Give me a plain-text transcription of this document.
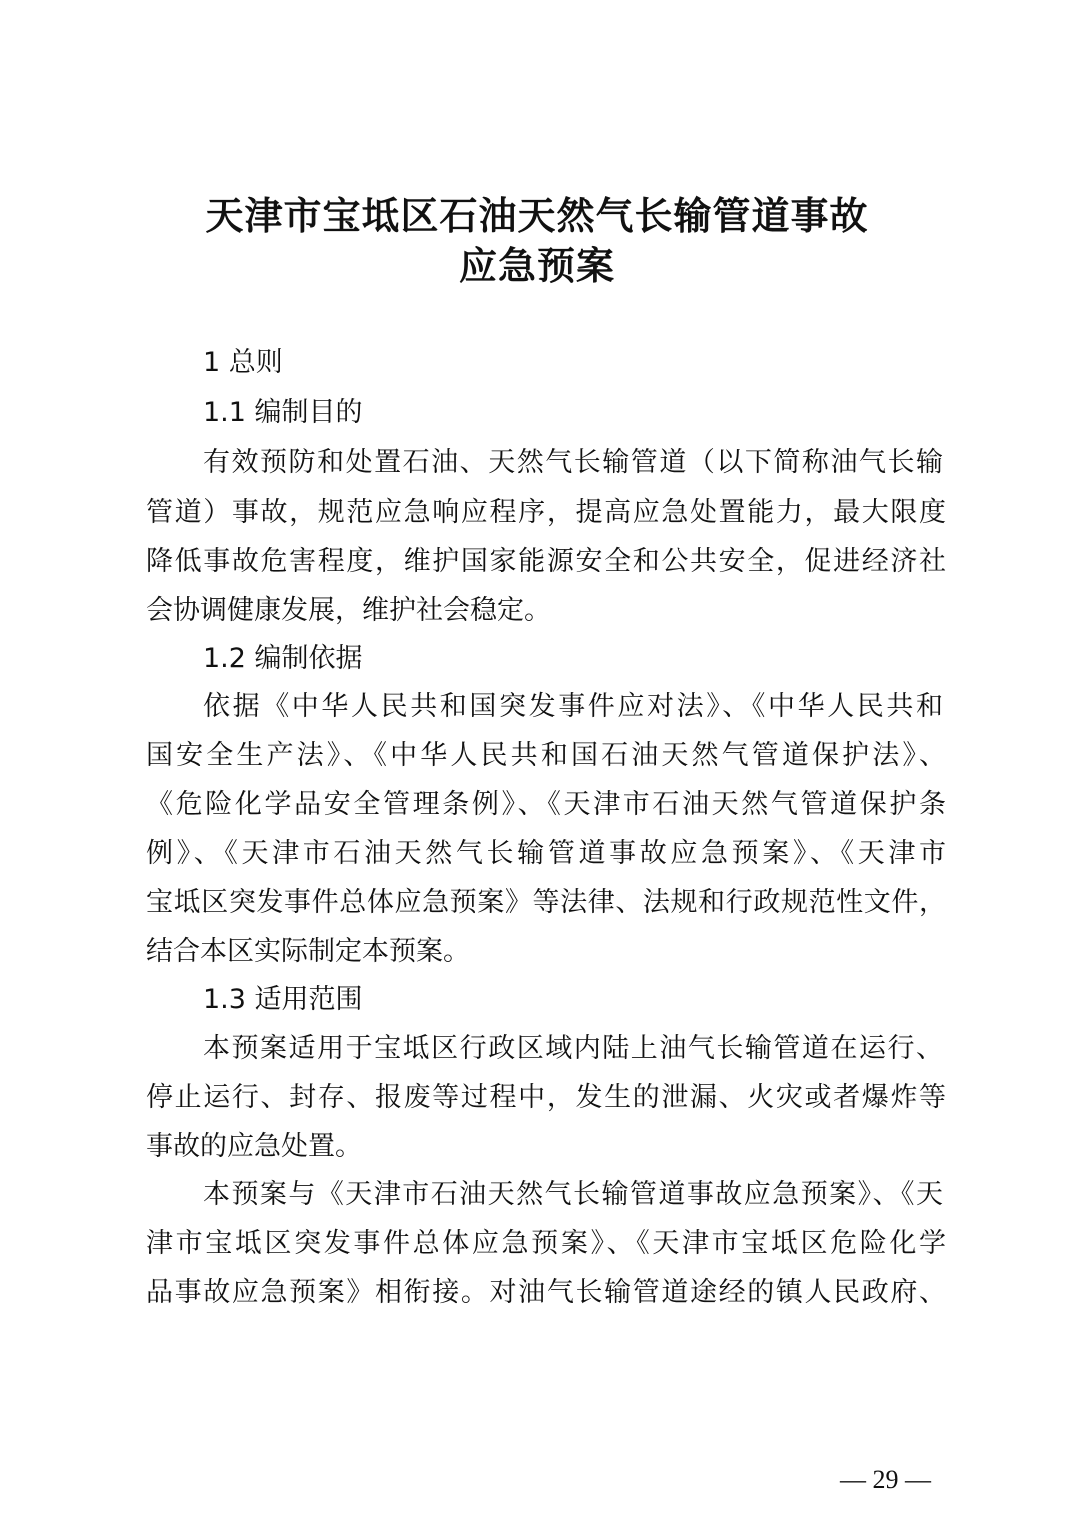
天津市宝坻区石油天然气长输管道事故
应急预案
1 总则
1.1 编制目的
有效预防和处置石油、天然气长输管道（以下简称油气长输
管道）事故，规范应急响应程序，提高应急处置能力，最大限度
降低事故危害程度，维护国家能源安全和公共安全，促进经济社
会协调健康发展，维护社会稳定。
1.2 编制依据
依据《中华人民共和国突发事件应对法》、《中华人民共和
国安全生产法》、《中华人民共和国石油天然气管道保护法》、
《危险化学品安全管理条例》、《天津市石油天然气管道保护条
例》、《天津市石油天然气长输管道事故应急预案》、《天津市
宝坻区突发事件总体应急预案》等法律、法规和行政规范性文件，
结合本区实际制定本预案。
1.3 适用范围
本预案适用于宝坻区行政区域内陆上油气长输管道在运行、
停止运行、封存、报废等过程中，发生的泄漏、火灾或者爆炸等
事故的应急处置。
本预案与《天津市石油天然气长输管道事故应急预案》、《天
津市宝坻区突发事件总体应急预案》、《天津市宝坻区危险化学
品事故应急预案》相衔接。对油气长输管道途经的镇人民政府、
— 29 —
